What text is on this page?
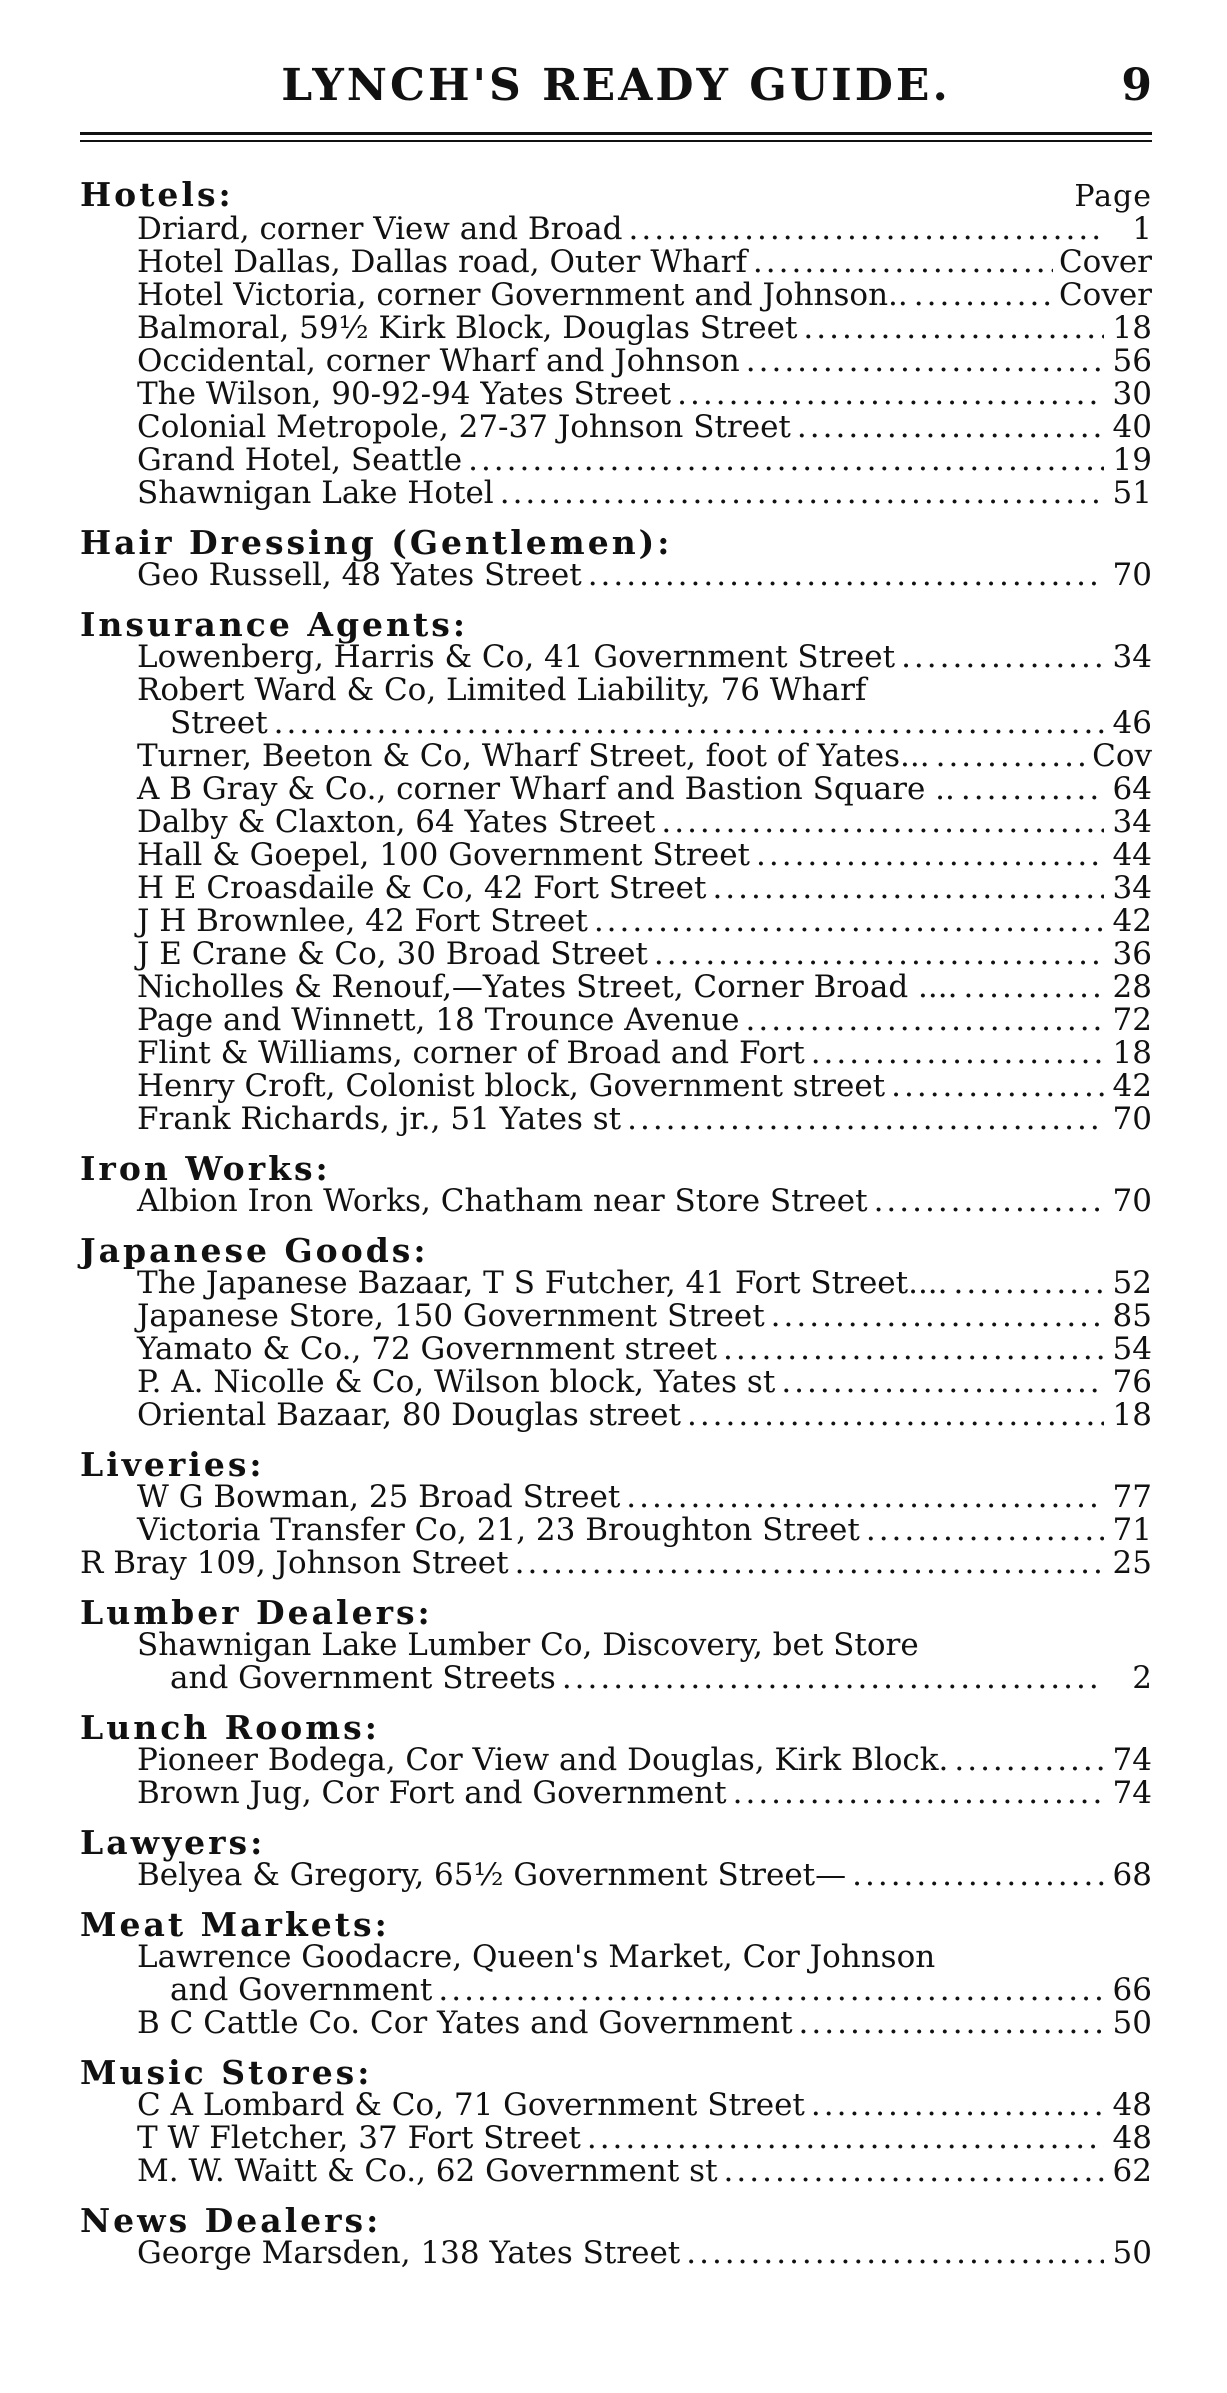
LYNCH'S READY GUIDE.	9
Hotels:	Page
Driard, corner View and Broad .....	1
Hotel Dallas, Dallas road, Outer Wharf .....	Cover
Hotel Victoria, corner Government and Johnson.. .....	Cover
Balmoral, 59½ Kirk Block, Douglas Street .....	18
Occidental, corner Wharf and Johnson .....	56
The Wilson, 90-92-94 Yates Street .....	30
Colonial Metropole, 27-37 Johnson Street .....	40
Grand Hotel, Seattle .....	19
Shawnigan Lake Hotel .....	51
Hair Dressing (Gentlemen):
Geo Russell, 48 Yates Street .....	70
Insurance Agents:
Lowenberg, Harris & Co, 41 Government Street .....	34
Robert Ward & Co, Limited Liability, 76 Wharf
Street .....	46
Turner, Beeton & Co, Wharf Street, foot of Yates... .....	Cov
A B Gray & Co., corner Wharf and Bastion Square .. .....	64
Dalby & Claxton, 64 Yates Street .....	34
Hall & Goepel, 100 Government Street .....	44
H E Croasdaile & Co, 42 Fort Street .....	34
J H Brownlee, 42 Fort Street .....	42
J E Crane & Co, 30 Broad Street .....	36
Nicholles & Renouf,—Yates Street, Corner Broad .... .....	28
Page and Winnett, 18 Trounce Avenue .....	72
Flint & Williams, corner of Broad and Fort .....	18
Henry Croft, Colonist block, Government street .....	42
Frank Richards, jr., 51 Yates st .....	70
Iron Works:
Albion Iron Works, Chatham near Store Street .....	70
Japanese Goods:
The Japanese Bazaar, T S Futcher, 41 Fort Street.... .....	52
Japanese Store, 150 Government Street .....	85
Yamato & Co., 72 Government street .....	54
P. A. Nicolle & Co, Wilson block, Yates st .....	76
Oriental Bazaar, 80 Douglas street .....	18
Liveries:
W G Bowman, 25 Broad Street .....	77
Victoria Transfer Co, 21, 23 Broughton Street .....	71
R Bray 109, Johnson Street .....	25
Lumber Dealers:
Shawnigan Lake Lumber Co, Discovery, bet Store
and Government Streets .....	2
Lunch Rooms:
Pioneer Bodega, Cor View and Douglas, Kirk Block. .....	74
Brown Jug, Cor Fort and Government .....	74
Lawyers:
Belyea & Gregory, 65½ Government Street— .....	68
Meat Markets:
Lawrence Goodacre, Queen's Market, Cor Johnson
and Government .....	66
B C Cattle Co. Cor Yates and Government .....	50
Music Stores:
C A Lombard & Co, 71 Government Street .....	48
T W Fletcher, 37 Fort Street .....	48
M. W. Waitt & Co., 62 Government st .....	62
News Dealers:
George Marsden, 138 Yates Street .....	50
